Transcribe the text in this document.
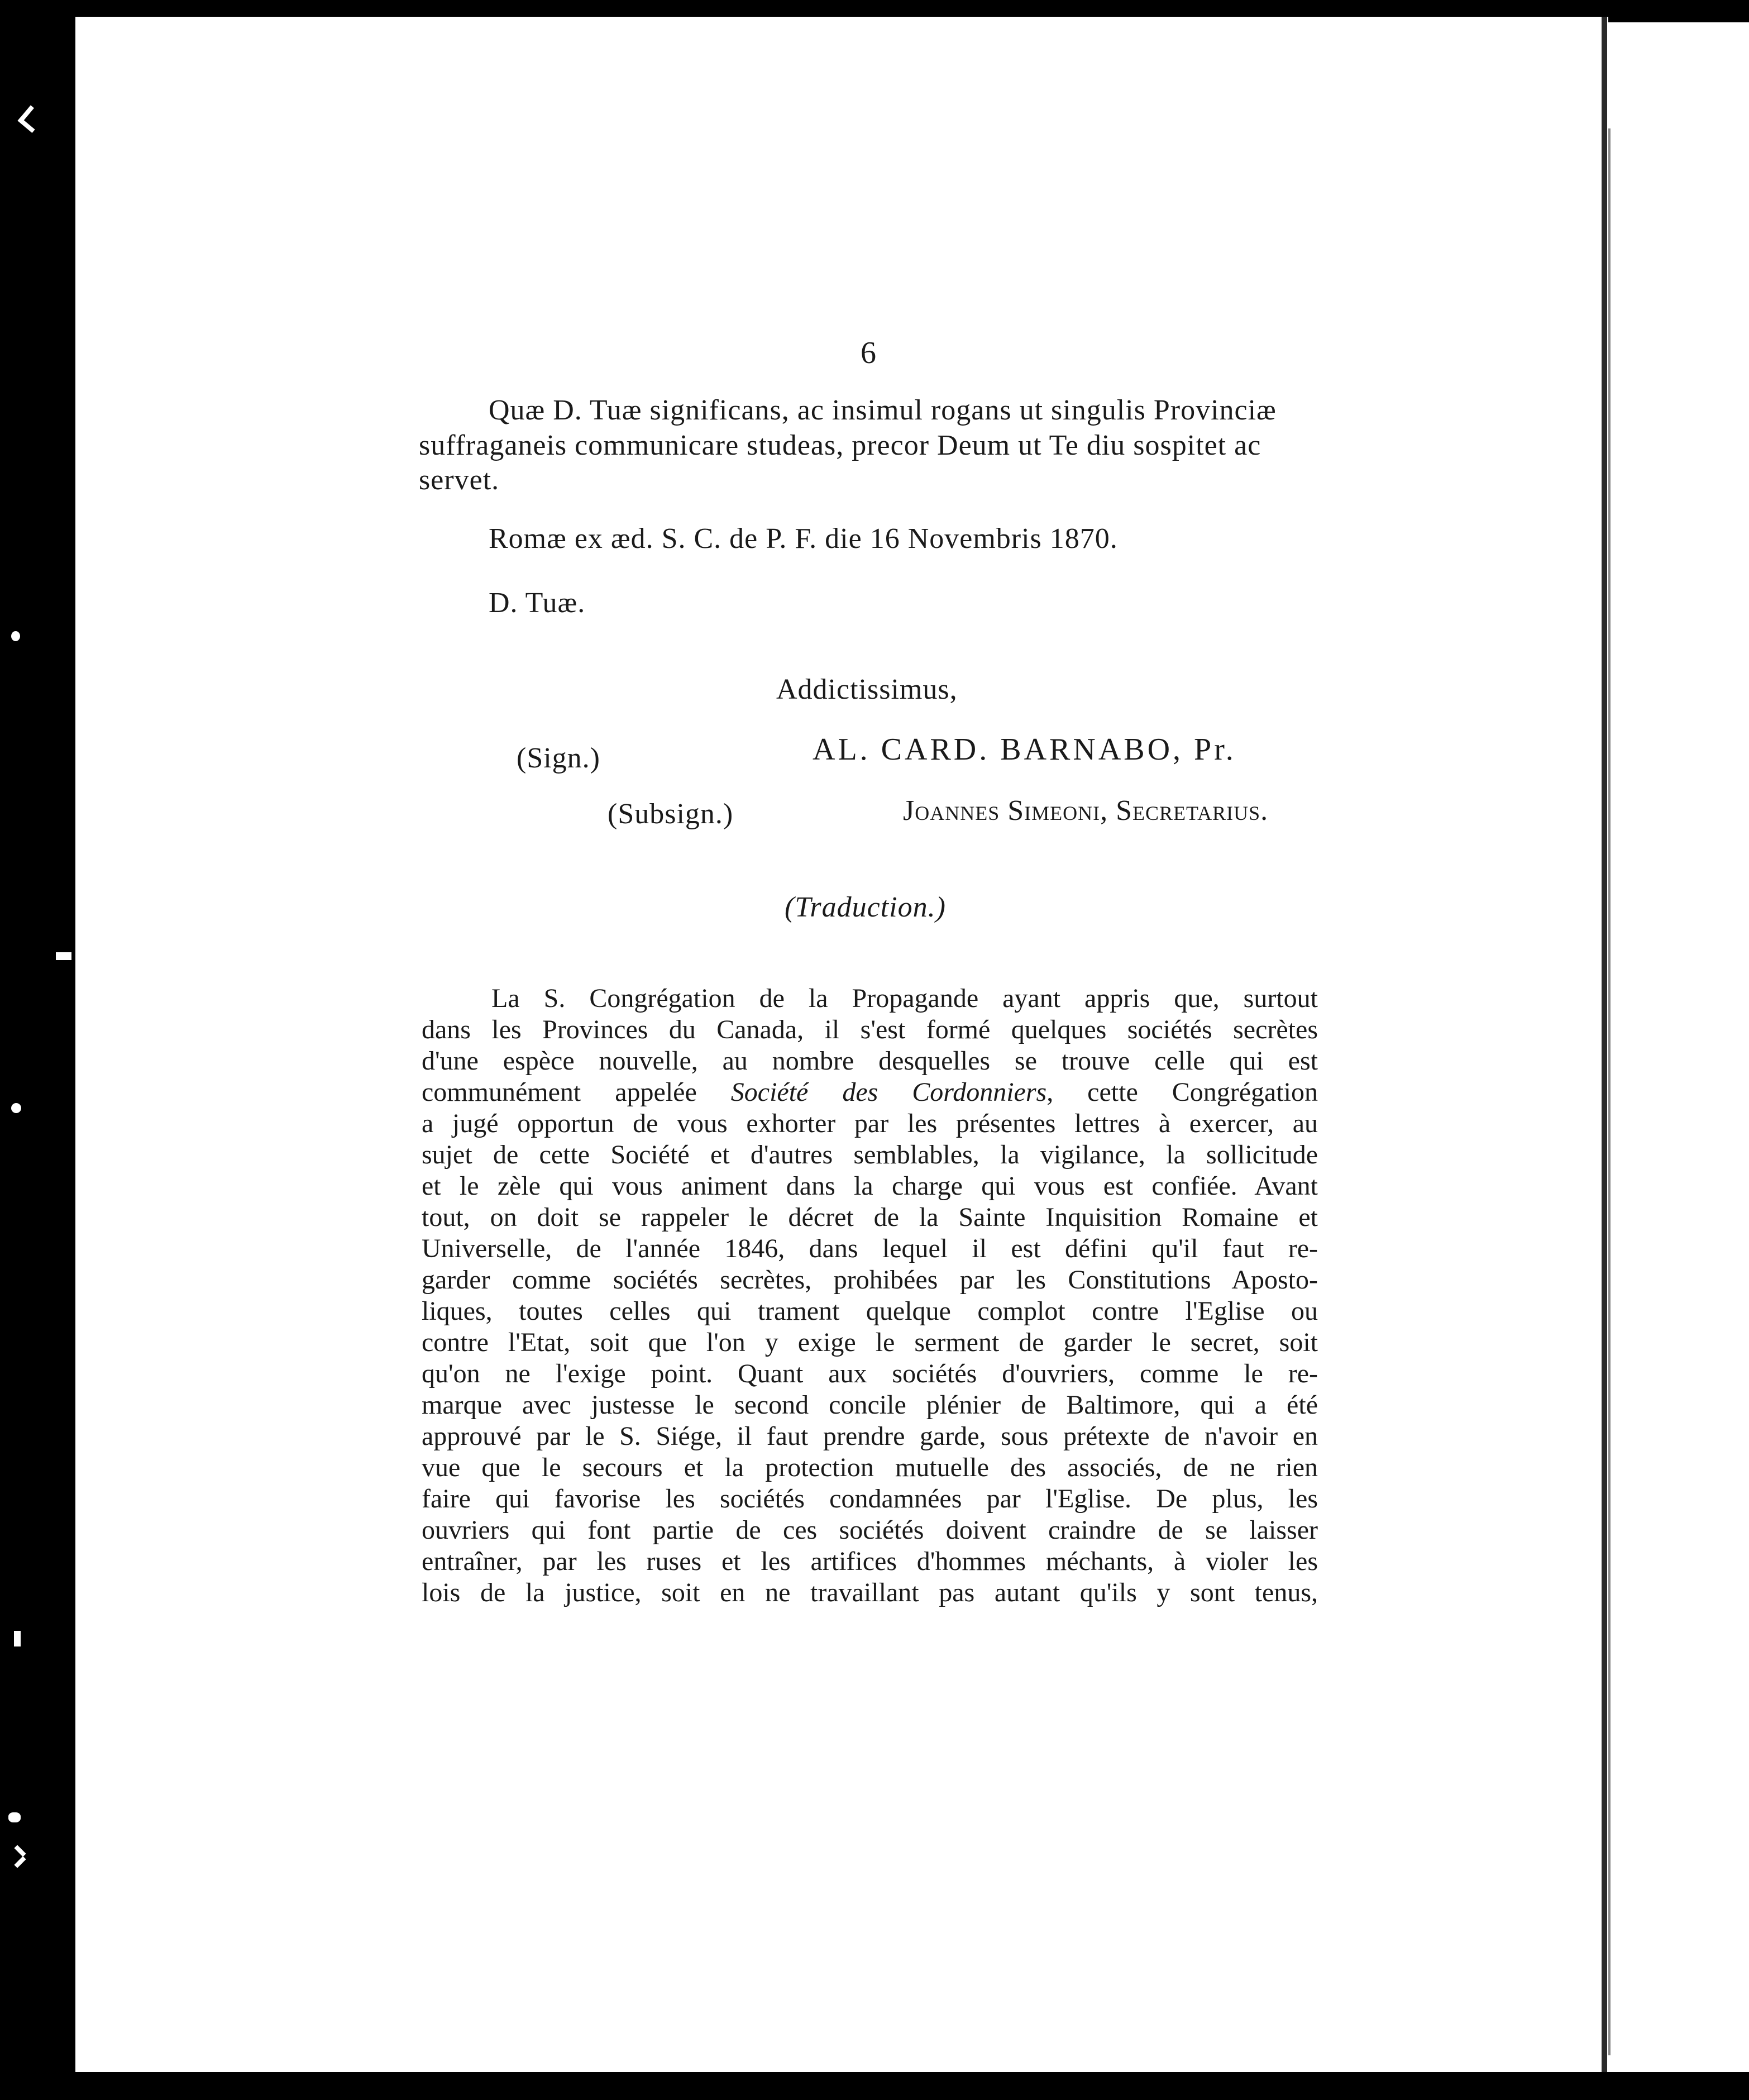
6
Quæ D. Tuæ significans, ac insimul rogans ut singulis Provinciæ
suffraganeis communicare studeas, precor Deum ut Te diu sospitet ac
servet.
Romæ ex æd. S. C. de P. F. die 16 Novembris 1870.
D. Tuæ.
Addictissimus,
(Sign.)	AL. CARD. BARNABO, Pr.
(Subsign.)	Joannes Simeoni, Secretarius.
(Traduction.)
La S. Congrégation de la Propagande ayant appris que, surtout
dans les Provinces du Canada, il s'est formé quelques sociétés secrètes
d'une espèce nouvelle, au nombre desquelles se trouve celle qui est
communément appelée Société des Cordonniers, cette Congrégation
a jugé opportun de vous exhorter par les présentes lettres à exercer, au
sujet de cette Société et d'autres semblables, la vigilance, la sollicitude
et le zèle qui vous animent dans la charge qui vous est confiée. Avant
tout, on doit se rappeler le décret de la Sainte Inquisition Romaine et
Universelle, de l'année 1846, dans lequel il est défini qu'il faut re-
garder comme sociétés secrètes, prohibées par les Constitutions Aposto-
liques, toutes celles qui trament quelque complot contre l'Eglise ou
contre l'Etat, soit que l'on y exige le serment de garder le secret, soit
qu'on ne l'exige point. Quant aux sociétés d'ouvriers, comme le re-
marque avec justesse le second concile plénier de Baltimore, qui a été
approuvé par le S. Siége, il faut prendre garde, sous prétexte de n'avoir en
vue que le secours et la protection mutuelle des associés, de ne rien
faire qui favorise les sociétés condamnées par l'Eglise. De plus, les
ouvriers qui font partie de ces sociétés doivent craindre de se laisser
entraîner, par les ruses et les artifices d'hommes méchants, à violer les
lois de la justice, soit en ne travaillant pas autant qu'ils y sont tenus,
